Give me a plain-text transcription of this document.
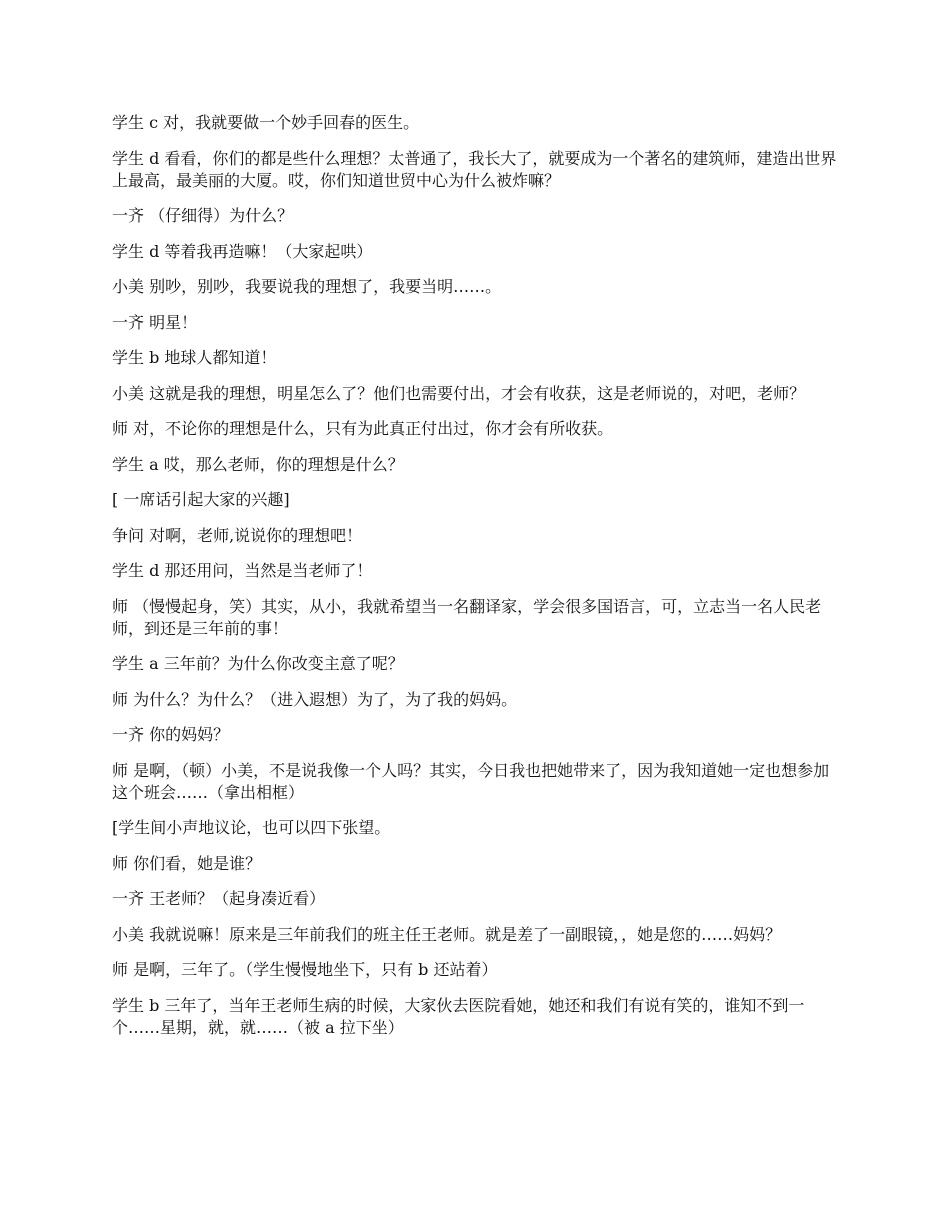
学生 c 对，我就要做一个妙手回春的医生。

学生 d 看看，你们的都是些什么理想？太普通了，我长大了，就要成为一个著名的建筑师，建造出世界上最高，最美丽的大厦。哎，你们知道世贸中心为什么被炸嘛？

一齐 （仔细得）为什么？

学生 d 等着我再造嘛！（大家起哄）

小美 别吵，别吵，我要说我的理想了，我要当明……。

一齐 明星！

学生 b 地球人都知道！

小美 这就是我的理想，明星怎么了？他们也需要付出，才会有收获，这是老师说的，对吧，老师？

师 对，不论你的理想是什么，只有为此真正付出过，你才会有所收获。

学生 a 哎，那么老师，你的理想是什么？

[ 一席话引起大家的兴趣]

争问 对啊，老师,说说你的理想吧！

学生 d 那还用问，当然是当老师了！

师 （慢慢起身，笑）其实，从小，我就希望当一名翻译家，学会很多国语言，可，立志当一名人民老师，到还是三年前的事！

学生 a 三年前？为什么你改变主意了呢？

师 为什么？为什么？（进入遐想）为了，为了我的妈妈。

一齐 你的妈妈？

师 是啊，（顿）小美，不是说我像一个人吗？其实，今日我也把她带来了，因为我知道她一定也想参加这个班会……（拿出相框）

[学生间小声地议论，也可以四下张望。

师 你们看，她是谁？

一齐 王老师？（起身凑近看）

小美 我就说嘛！原来是三年前我们的班主任王老师。就是差了一副眼镜，，她是您的……妈妈？

师 是啊，三年了。（学生慢慢地坐下，只有 b 还站着）

学生 b 三年了，当年王老师生病的时候，大家伙去医院看她，她还和我们有说有笑的，谁知不到一个……星期，就，就……（被 a 拉下坐）
